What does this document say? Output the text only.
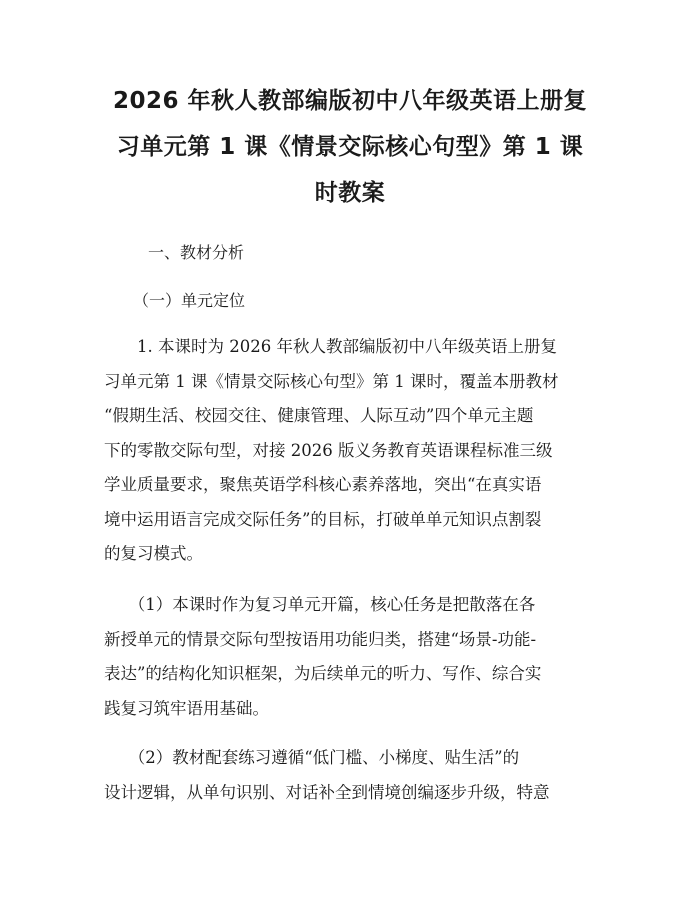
2026 年秋人教部编版初中八年级英语上册复
习单元第 1 课《情景交际核心句型》第 1 课
时教案

一、教材分析

（一）单元定位

　　1. 本课时为 2026 年秋人教部编版初中八年级英语上册复
习单元第 1 课《情景交际核心句型》第 1 课时，覆盖本册教材
“假期生活、校园交往、健康管理、人际互动”四个单元主题
下的零散交际句型，对接 2026 版义务教育英语课程标准三级
学业质量要求，聚焦英语学科核心素养落地，突出“在真实语
境中运用语言完成交际任务”的目标，打破单单元知识点割裂
的复习模式。

　　（1）本课时作为复习单元开篇，核心任务是把散落在各
新授单元的情景交际句型按语用功能归类，搭建“场景-功能-
表达”的结构化知识框架，为后续单元的听力、写作、综合实
践复习筑牢语用基础。

　　（2）教材配套练习遵循“低门槛、小梯度、贴生活”的
设计逻辑，从单句识别、对话补全到情境创编逐步升级，特意
